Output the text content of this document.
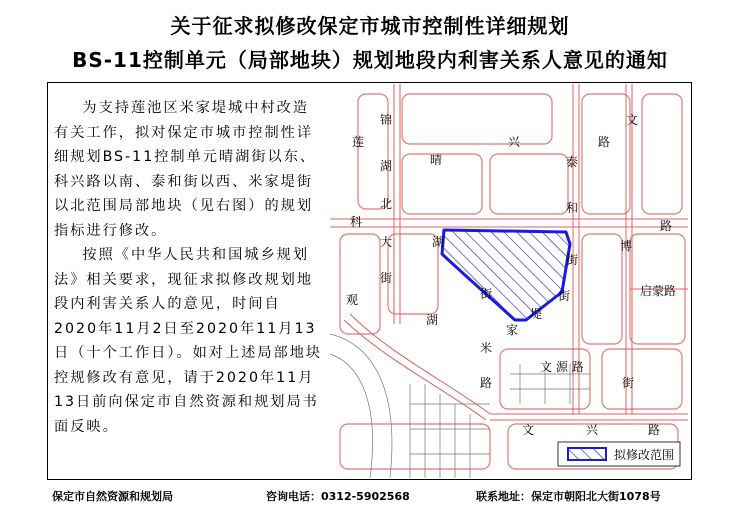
关于征求拟修改保定市城市控制性详细规划
BS-11控制单元（局部地块）规划地段内利害关系人意见的通知

为支持莲池区米家堤城中村改造有关工作，拟对保定市城市控制性详细规划BS-11控制单元晴湖街以东、科兴路以南、泰和街以西、米家堤街以北范围局部地块（见右图）的规划指标进行修改。

按照《中华人民共和国城乡规划法》相关要求，现征求拟修改规划地段内利害关系人的意见，时间自2020年11月2日至2020年11月13日（十个工作日）。如对上述局部地块控规修改有意见，请于2020年11月13日前向保定市自然资源和规划局书面反映。

锦
莲
湖	晴
兴
文
路
泰
北	和
科	路
大	湖	博
街
街
启蒙路
街	街
观
堤
湖
家
米
文 源 路
路	街
文	兴	路
拟修改范围
保定市自然资源和规划局	咨询电话：0312-5902568	联系地址：保定市朝阳北大街1078号
